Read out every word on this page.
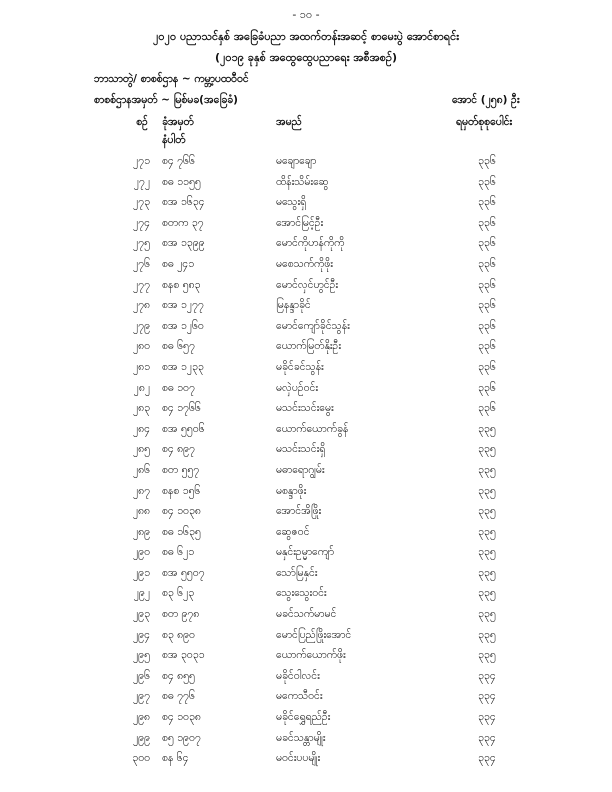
- ၁၀ -
၂၀၂၀ ပညာသင်နှစ် အခြေခံပညာ အထက်တန်းအဆင့် စာမေးပွဲ အောင်စာရင်း
(၂၀၁၉ ခုနှစ် အထွေထွေပညာရေး အစီအစဉ်)
ဘာသာတွဲ/ စာစစ်ဌာန ~ ကမ္ဘာ့ပထဝီဝင်
စာစစ်ဌာနအမှတ် ~ မြစ်မခ(အခြေခံ)	အောင် (၂၅၈) ဦး
စဥ် ခုံအမှတ်
နံပါတ်
အမည်	ရမှတ်စုစုပေါင်း
၂၇၁ စ၄ ၇၆၆	မချောချော	၃၃၆
၂၇၂ စဓ ၁၁၅၅	ထိန်းသိမ်းဆွေ	၃၃၆
၂၇၃ စအ ၁၆၃၄	မသွေးရှိ	၃၃၆
၂၇၄ စတက ၃၇	အောင်မြင့်ဦး	၃၃၆
၂၇၅ စအ ၁၃၉၉	မောင်ကိုဟန်ကိုကို	၃၃၆
၂၇၆ စဓ ၂၄၁	မစေသက်ကိုဖိုး	၃၃၆
၂၇၇ စနစ ၅၈၃	မောင်လှင်ဟွင်ဦး	၃၃၆
၂၇၈ စအ ၁၂၇၇	မြနန္ဒာခိုင်	၃၃၆
၂၇၉ စအ ၁၂၆၀	မောင်ကျော်ခိုင်သွန်း	၃၃၆
၂၈၀ စဓ ၆၅၇	ယောက်မြတ်နိုးဦး	၃၃၆
၂၈၁ စအ ၁၂၃၃	မခိုင်ခင်သွန်း	၃၃၆
၂၈၂ စဓ ၁၀၇	မလှဲပဉ်ဝင်း	၃၃၆
၂၈၃ စ၄ ၁၇၆၆	မသင်းသင်းမွေး	၃၃၆
၂၈၄ စအ ၅၅၀၆	ယောက်ယောက်ခွန်	၃၃၅
၂၈၅ စ၄ ၈၉၇	မသင်းသင်းရှိ	၃၃၅
၂၈၆ စတ ၅၅၇	မဓာရောဂျွမ်း	၃၃၅
၂၈၇ စနစ ၁၅၆	မစန္ဒာဖိုး	၃၃၅
၂၈၈ စ၄ ၁၀၃၈	အောင်အိဖြိုး	၃၃၅
၂၈၉ စဓ ၁၆၃၅	ဆွေဇဝင်	၃၃၅
၂၉၀ စဓ ၆၂၁	မနှင်းဥမ္မာကျော်	၃၃၅
၂၉၁ စအ ၅၅၀၇	သော်မြနှင်း	၃၃၅
၂၉၂ စ၃ ၆၂၃	သွေးသွေးဝင်း	၃၃၅
၂၉၃ စတ ၉၇၈	မခင်သက်မာမင်	၃၃၅
၂၉၄ စ၃ ၈၉၀	မောင်ပြည်ဖြိုးအောင်	၃၃၅
၂၉၅ စအ ၃၀၃၁	ယောက်ယောက်ဖိုး	၃၃၅
၂၉၆ စ၄ ၈၅၅	မခိုင်ဝါလင်း	၃၃၄
၂၉၇ စဓ ၇၇၆	မကေသီဝင်း	၃၃၄
၂၉၈ စ၄ ၁၀၃၈	မခိုင်ရွှေရည်ဦး	၃၃၄
၂၉၉ စ၅ ၁၉၀၇	မခင်သန္တာမျိုး	၃၃၄
၃၀၀ စန ၆၄	မဝင်းပပမျိုး	၃၃၄
